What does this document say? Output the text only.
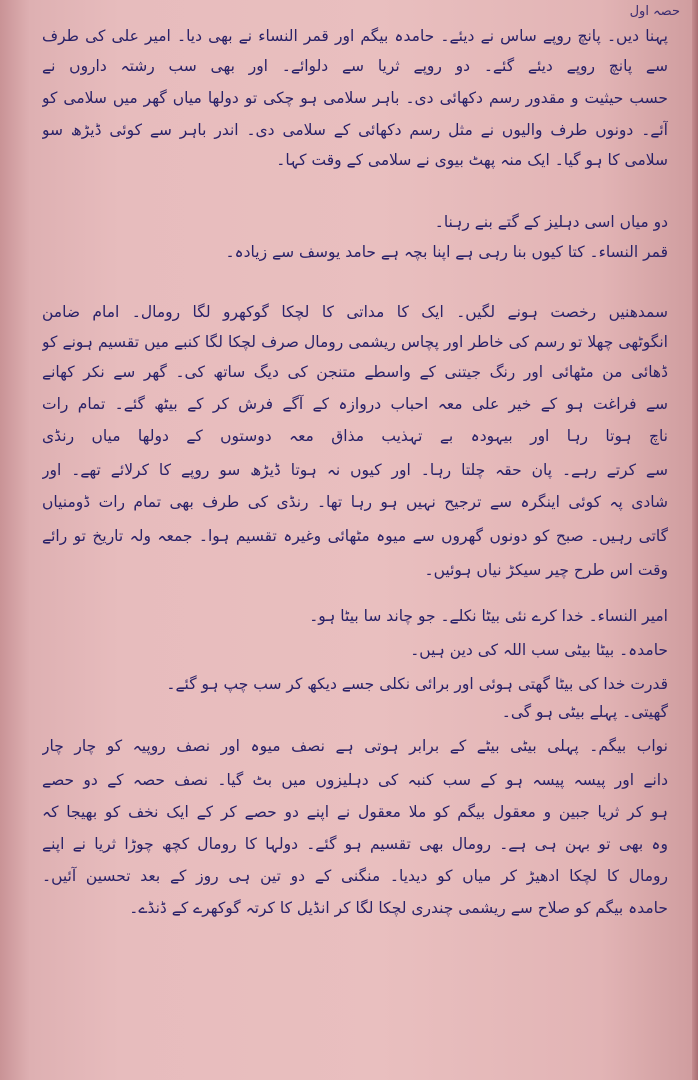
حصہ اول
پہنا دیں۔ پانچ روپے ساس نے دیئے۔ حامدہ بیگم اور قمر النساء نے بھی دیا۔ امیر علی کی طرف
سے پانچ روپے دیئے گئے۔ دو روپے ثریا سے دلوائے۔ اور بھی سب رشتہ داروں نے
حسب حیثیت و مقدور رسم دکھائی دی۔ باہر سلامی ہو چکی تو دولھا میاں گھر میں سلامی کو
آئے۔ دونوں طرف والیوں نے مثل رسم دکھائی کے سلامی دی۔ اندر باہر سے کوئی ڈیڑھ سو
سلامی کا ہو گیا۔ ایک منہ پھٹ بیوی نے سلامی کے وقت کہا۔
دو میاں اسی دہلیز کے گتے بنے رہنا۔
قمر النساء۔ کتا کیوں بنا رہی ہے اپنا بچہ ہے حامد یوسف سے زیادہ۔
سمدھنیں رخصت ہونے لگیں۔ ایک کا مداتی کا لچکا گوکھرو لگا رومال۔ امام ضامن
انگوٹھی چھلا تو رسم کی خاطر اور پچاس ریشمی رومال صرف لچکا لگا کنبے میں تقسیم ہونے کو
ڈھائی من مٹھائی اور رنگ جیتنی کے واسطے متنجن کی دیگ ساتھ کی۔ گھر سے نکر کھانے
سے فراغت ہو کے خیر علی معہ احباب دروازہ کے آگے فرش کر کے بیٹھ گئے۔ تمام رات
ناچ ہوتا رہا اور بیہودہ بے تہذیب مذاق معہ دوستوں کے دولھا میاں رنڈی
سے کرتے رہے۔ پان حقہ چلتا رہا۔ اور کیوں نہ ہوتا ڈیڑھ سو روپے کا کرلائے تھے۔ اور
شادی پہ کوئی اینگرہ سے ترجیح نہیں ہو رہا تھا۔ رنڈی کی طرف بھی تمام رات ڈومنیاں
گاتی رہیں۔ صبح کو دونوں گھروں سے میوہ مٹھائی وغیرہ تقسیم ہوا۔ جمعہ ولہ تاریخ تو رائے
وقت اس طرح چیر سیکڑ نیاں ہوئیں۔
امیر النساء۔ خدا کرے نئی بیٹا نکلے۔ جو چاند سا بیٹا ہو۔
حامدہ۔ بیٹا بیٹی سب اللہ کی دین ہیں۔
قدرت خدا کی بیٹا گھتی ہوئی اور برائی نکلی جسے دیکھ کر سب چپ ہو گئے۔
گھیتی۔ پہلے بیٹی ہو گی۔
نواب بیگم۔ پہلی بیٹی بیٹے کے برابر ہوتی ہے نصف میوہ اور نصف روپیہ کو چار چار
دانے اور پیسہ پیسہ ہو کے سب کنبہ کی دہلیزوں میں بٹ گیا۔ نصف حصہ کے دو حصے
ہو کر ثریا جبین و معقول بیگم کو ملا معقول نے اپنے دو حصے کر کے ایک نخف کو بھیجا کہ
وہ بھی تو بہن ہی ہے۔ رومال بھی تقسیم ہو گئے۔ دولہا کا رومال کچھ چوڑا ثریا نے اپنے
رومال کا لچکا ادھیڑ کر میاں کو دیدیا۔ منگنی کے دو تین ہی روز کے بعد تحسین آئیں۔
حامدہ بیگم کو صلاح سے ریشمی چندری لچکا لگا کر انڈیل کا کرتہ گوکھرے کے ڈنڈے۔
